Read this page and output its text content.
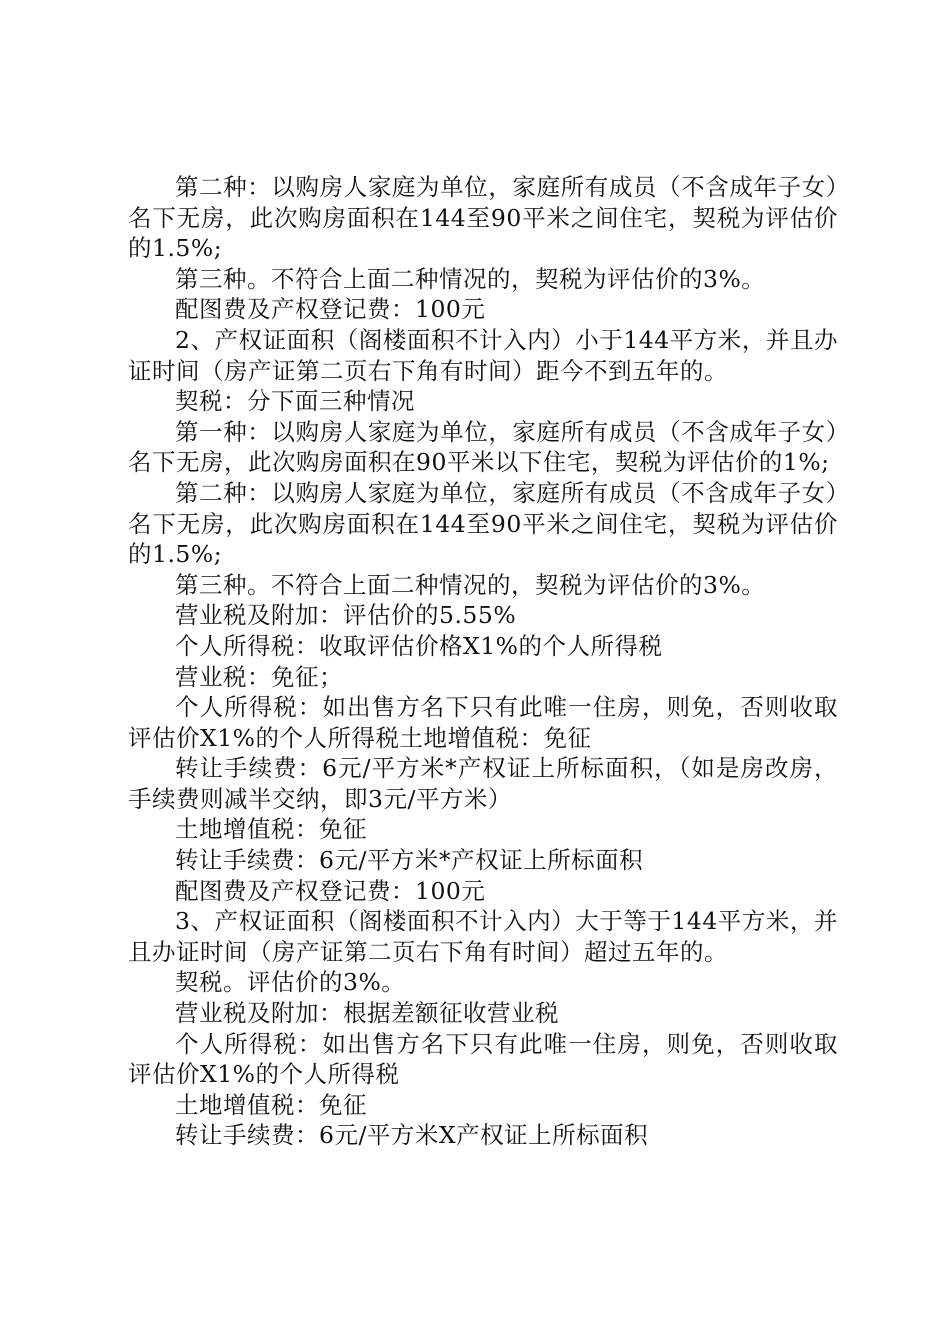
第二种：以购房人家庭为单位，家庭所有成员（不含成年子女）名下无房，此次购房面积在144至90平米之间住宅，契税为评估价的1.5%;

第三种。不符合上面二种情况的，契税为评估价的3%。

配图费及产权登记费：100元

2、产权证面积（阁楼面积不计入内）小于144平方米，并且办证时间（房产证第二页右下角有时间）距今不到五年的。

契税：分下面三种情况

第一种：以购房人家庭为单位，家庭所有成员（不含成年子女）名下无房，此次购房面积在90平米以下住宅，契税为评估价的1%;

第二种：以购房人家庭为单位，家庭所有成员（不含成年子女）名下无房，此次购房面积在144至90平米之间住宅，契税为评估价的1.5%;

第三种。不符合上面二种情况的，契税为评估价的3%。

营业税及附加：评估价的5.55%

个人所得税：收取评估价格X1%的个人所得税

营业税：免征；

个人所得税：如出售方名下只有此唯一住房，则免，否则收取评估价X1%的个人所得税土地增值税：免征

转让手续费：6元/平方米*产权证上所标面积，（如是房改房，手续费则减半交纳，即3元/平方米）

土地增值税：免征

转让手续费：6元/平方米*产权证上所标面积

配图费及产权登记费：100元

3、产权证面积（阁楼面积不计入内）大于等于144平方米，并且办证时间（房产证第二页右下角有时间）超过五年的。

契税。评估价的3%。

营业税及附加：根据差额征收营业税

个人所得税：如出售方名下只有此唯一住房，则免，否则收取评估价X1%的个人所得税

土地增值税：免征

转让手续费：6元/平方米X产权证上所标面积
